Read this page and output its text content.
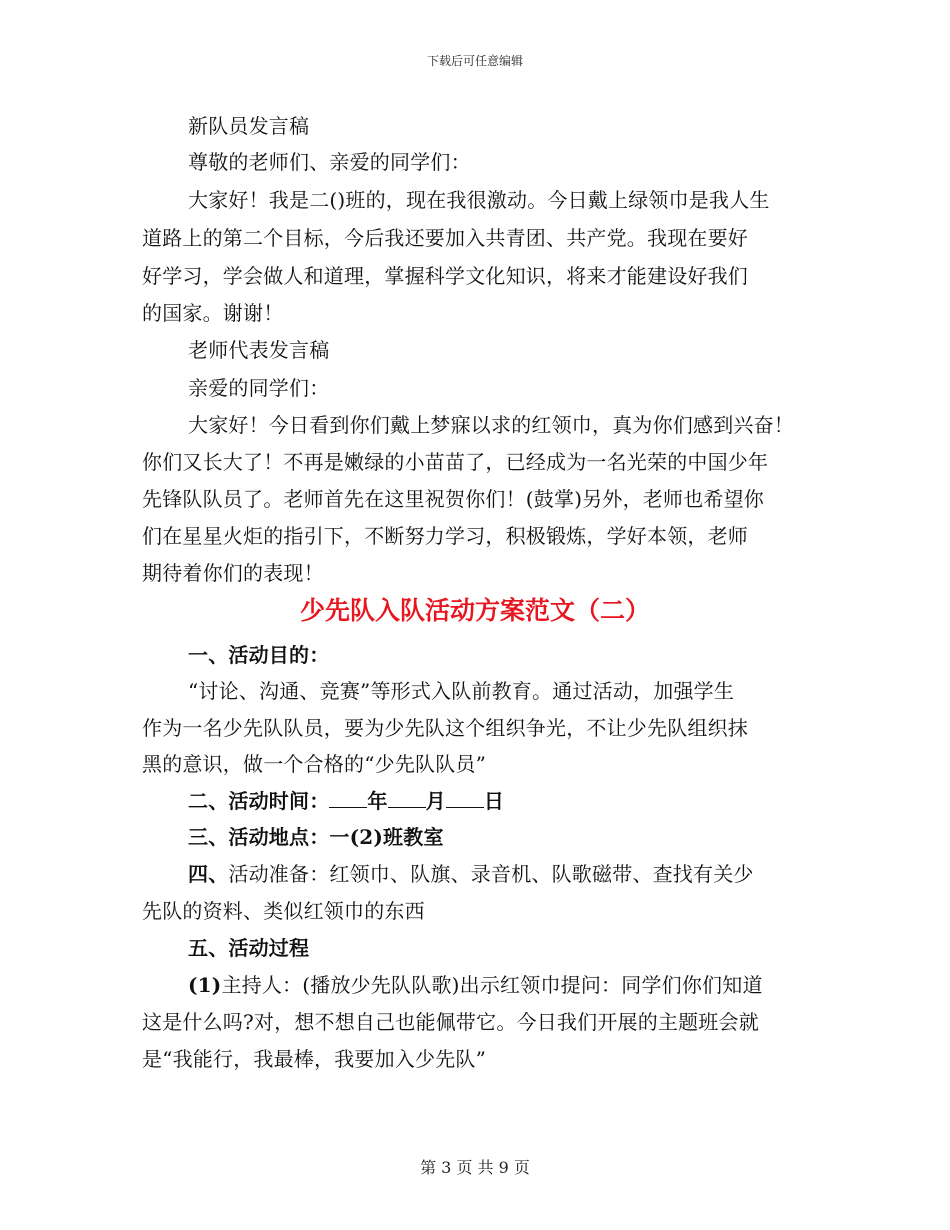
下载后可任意编辑
新队员发言稿
尊敬的老师们、亲爱的同学们：
大家好！我是二()班的，现在我很激动。今日戴上绿领巾是我人生
道路上的第二个目标，今后我还要加入共青团、共产党。我现在要好
好学习，学会做人和道理，掌握科学文化知识，将来才能建设好我们
的国家。谢谢！
老师代表发言稿
亲爱的同学们：
大家好！今日看到你们戴上梦寐以求的红领巾，真为你们感到兴奋！
你们又长大了！不再是嫩绿的小苗苗了，已经成为一名光荣的中国少年
先锋队队员了。老师首先在这里祝贺你们！(鼓掌)另外，老师也希望你
们在星星火炬的指引下，不断努力学习，积极锻炼，学好本领，老师
期待着你们的表现！
少先队入队活动方案范文（二）
一、活动目的：
“讨论、沟通、竞赛”等形式入队前教育。通过活动，加强学生
作为一名少先队队员，要为少先队这个组织争光，不让少先队组织抹
黑的意识，做一个合格的“少先队队员”
二、活动时间： 年 月 日
三、活动地点：一(2)班教室
四、活动准备：红领巾、队旗、录音机、队歌磁带、查找有关少
先队的资料、类似红领巾的东西
五、活动过程
(1)主持人：(播放少先队队歌)出示红领巾提问：同学们你们知道
这是什么吗?对，想不想自己也能佩带它。今日我们开展的主题班会就
是“我能行，我最棒，我要加入少先队”
第 3 页 共 9 页
